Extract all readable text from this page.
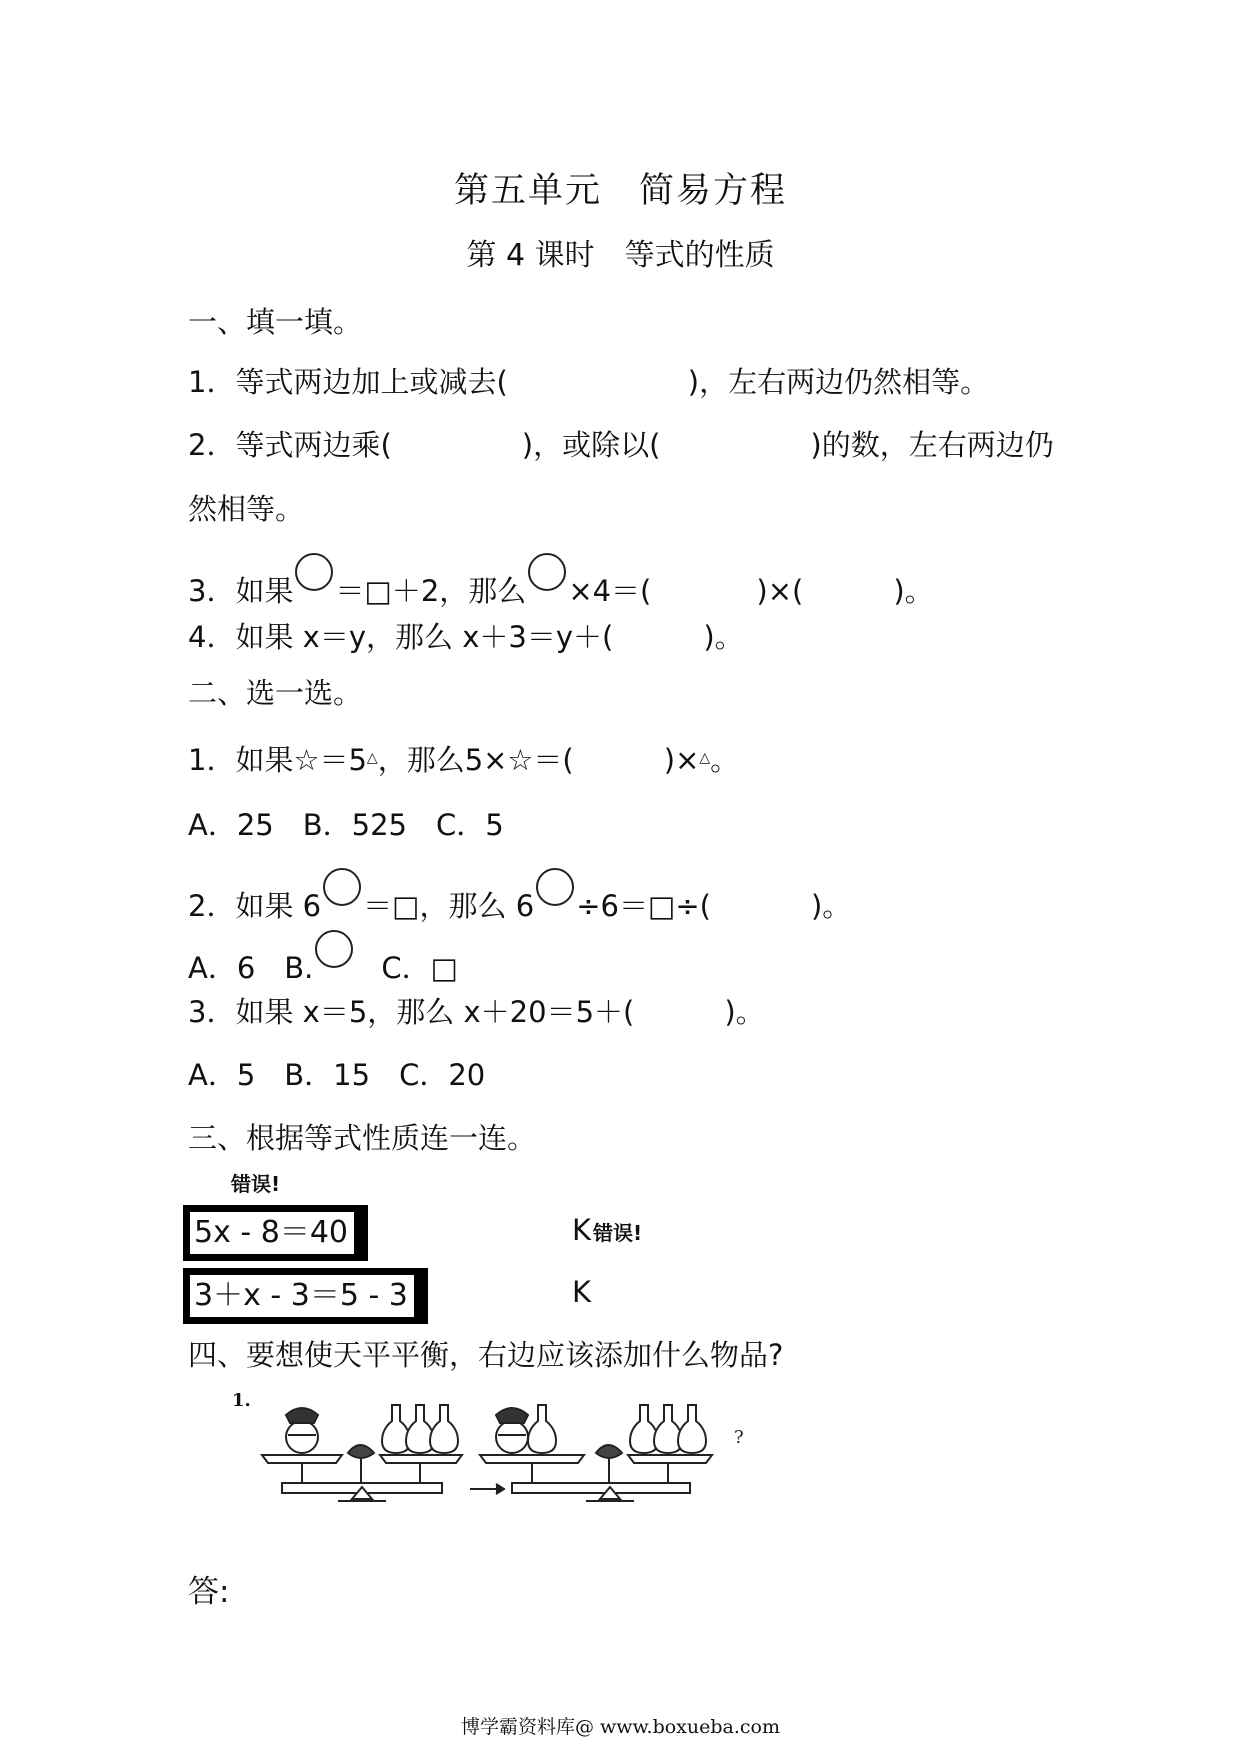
第五单元　简易方程
第 4 课时　等式的性质
一、填一填。
1．等式两边加上或减去(	)，左右两边仍然相等。
2．等式两边乘(	)，或除以(	)的数，左右两边仍
然相等。
3．如果 ＝□＋2，那么 ×4＝(	)×(	)。
4．如果 x＝y，那么 x＋3＝y＋(	)。
二、选一选。
1．如果☆＝5△，那么5×☆＝(	)×△。
A．25　B．525　C．5
2．如果 6 ＝□，那么 6 ÷6＝□÷(	)。
A．6　B. C．□
3．如果 x＝5，那么 x＋20＝5＋(	)。
A．5　B．15　C．20
三、根据等式性质连一连。
错误!
5x - 8＝40
3＋x - 3＝5 - 3
K 错误!
K
四、要想使天平平衡，右边应该添加什么物品?
1.
?
答:
博学霸资料库@ www.boxueba.com
